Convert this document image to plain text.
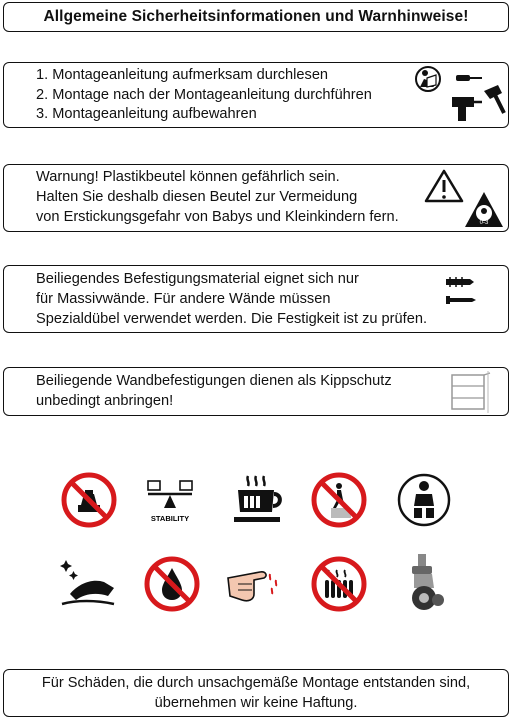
Allgemeine Sicherheitsinformationen und Warnhinweise!
1. Montageanleitung aufmerksam durchlesen
2. Montage nach der Montageanleitung durchführen
3. Montageanleitung aufbewahren
Warnung! Plastikbeutel können gefährlich sein.
Halten Sie deshalb diesen Beutel zur Vermeidung
von Erstickungsgefahr von Babys und Kleinkindern fern.	0-3
Beiliegendes Befestigungsmaterial eignet sich nur
für Massivwände. Für andere Wände müssen
Spezialdübel verwendet werden. Die Festigkeit ist zu prüfen.
Beiliegende Wandbefestigungen dienen als Kippschutz
unbedingt anbringen!
STABILITY
Für Schäden, die durch unsachgemäße Montage entstanden sind,
übernehmen wir keine Haftung.
